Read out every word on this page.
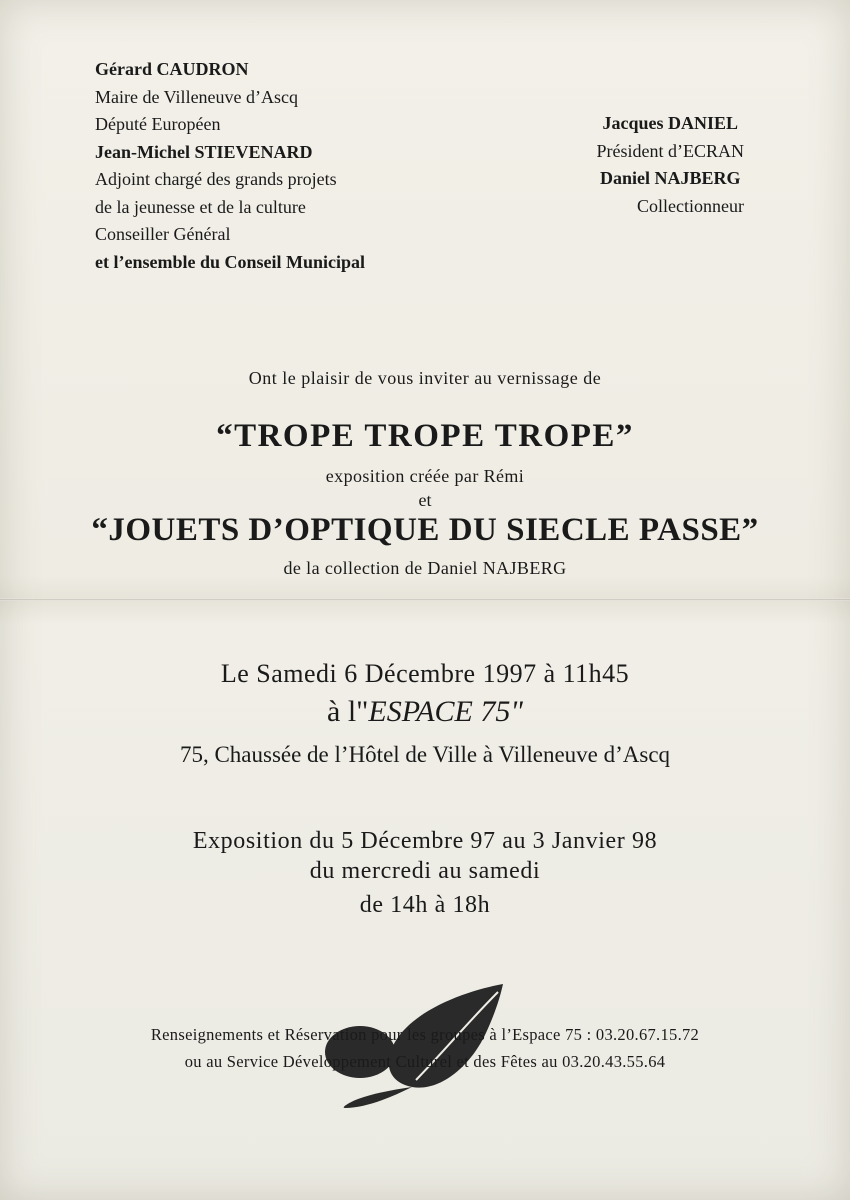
Gérard CAUDRON
Maire de Villeneuve d’Ascq
Député Européen
Jean-Michel STIEVENARD
Adjoint chargé des grands projets
de la jeunesse et de la culture
Conseiller Général
et l’ensemble du Conseil Municipal
Jacques DANIEL
Président d’ECRAN
Daniel NAJBERG
Collectionneur
Ont le plaisir de vous inviter au vernissage de
“TROPE TROPE TROPE”
exposition créée par Rémi
et
“JOUETS D’OPTIQUE DU SIECLE PASSE”
de la collection de Daniel NAJBERG
Le Samedi 6 Décembre 1997 à 11h45
à l"ESPACE 75"
75, Chaussée de l’Hôtel de Ville à Villeneuve d’Ascq
Exposition du 5 Décembre 97 au 3 Janvier 98
du mercredi au samedi
de 14h à 18h
Renseignements et Réservation pour les groupes à l’Espace 75 : 03.20.67.15.72
ou au Service Développement Culturel et des Fêtes au 03.20.43.55.64
